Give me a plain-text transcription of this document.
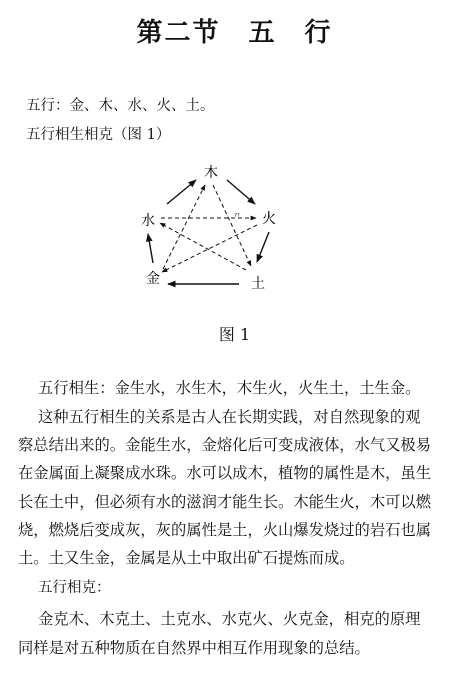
第二节　五　行
五行：金、木、水、火、土。
五行相生相克（图 1）
木
火
土
金
水	??
图 1
五行相生：金生水，水生木，木生火，火生土，土生金。
这种五行相生的关系是古人在长期实践，对自然现象的观
察总结出来的。金能生水，金熔化后可变成液体，水气又极易
在金属面上凝聚成水珠。水可以成木，植物的属性是木，虽生
长在土中，但必须有水的滋润才能生长。木能生火，木可以燃
烧，燃烧后变成灰，灰的属性是土，火山爆发烧过的岩石也属
土。土又生金，金属是从土中取出矿石提炼而成。
五行相克：
金克木、木克土、土克水、水克火、火克金，相克的原理
同样是对五种物质在自然界中相互作用现象的总结。
